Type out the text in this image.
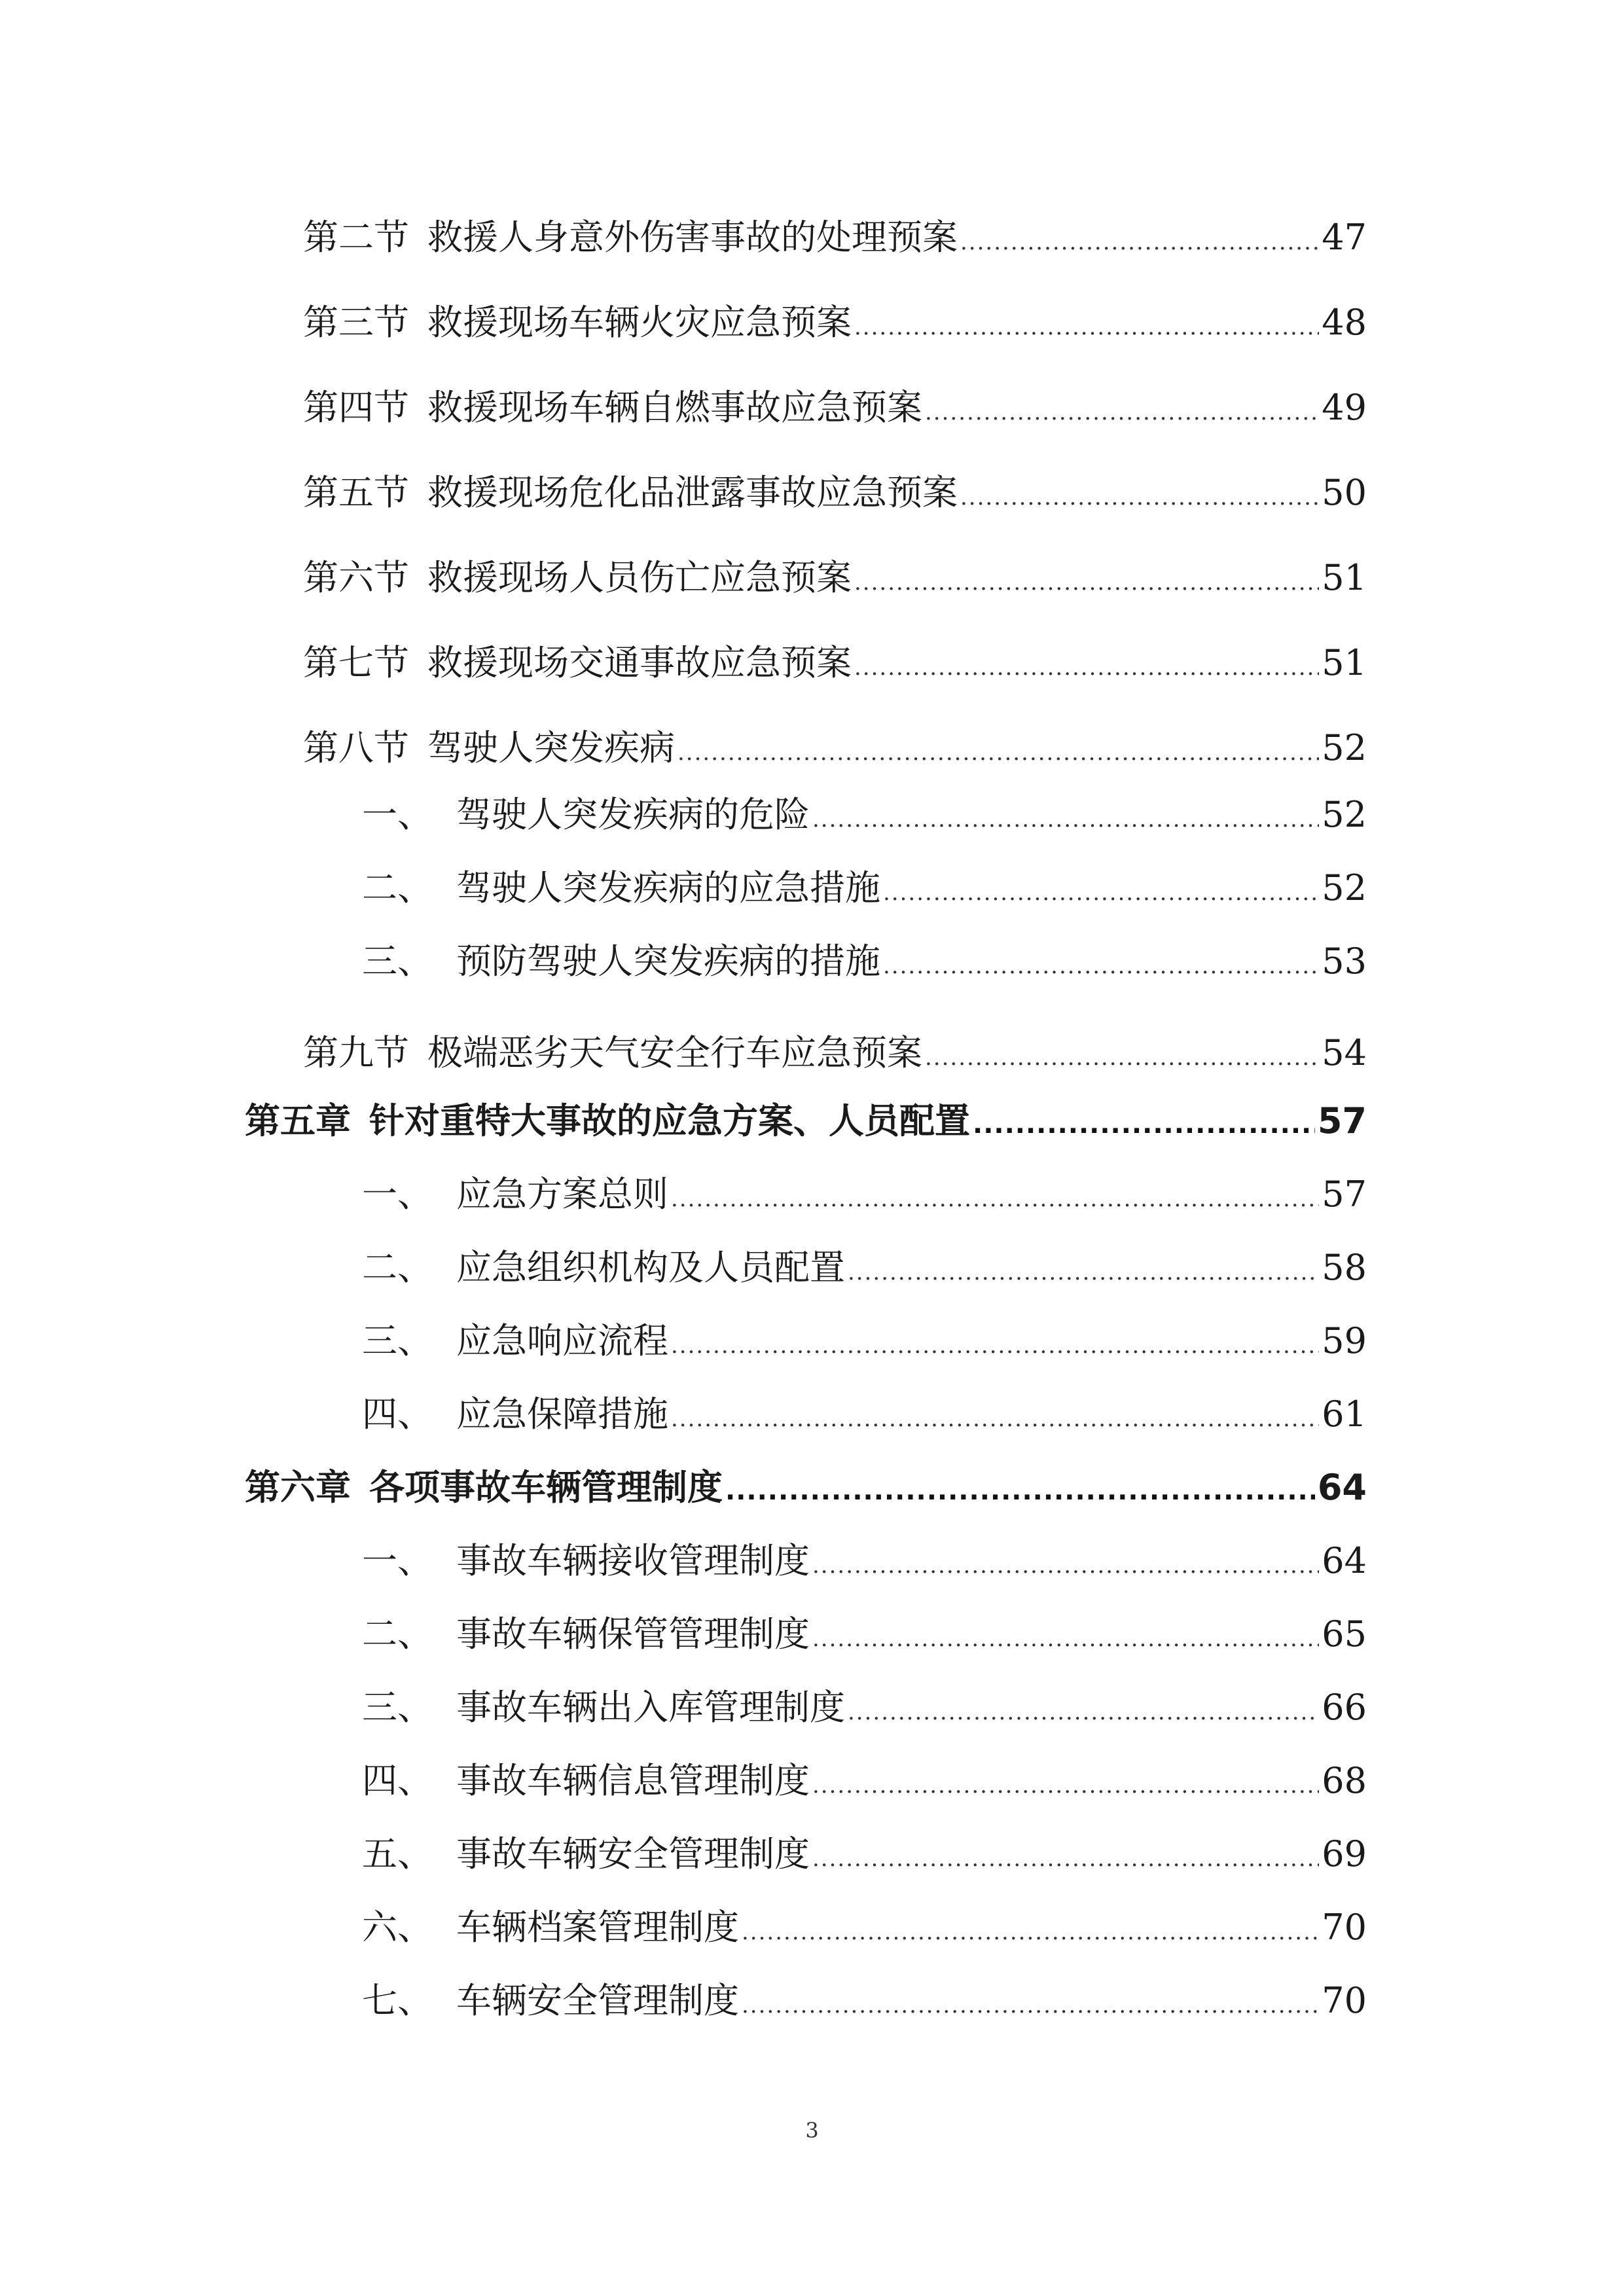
第二节 救援人身意外伤害事故的处理预案 .....	47
第三节 救援现场车辆火灾应急预案 .....	48
第四节 救援现场车辆自燃事故应急预案 .....	49
第五节 救援现场危化品泄露事故应急预案 .....	50
第六节 救援现场人员伤亡应急预案 .....	51
第七节 救援现场交通事故应急预案 .....	51
第八节 驾驶人突发疾病 .....	52
一、 驾驶人突发疾病的危险 .....	52
二、 驾驶人突发疾病的应急措施 .....	52
三、 预防驾驶人突发疾病的措施 .....	53
第九节 极端恶劣天气安全行车应急预案 .....	54
第五章 针对重特大事故的应急方案、人员配置 .....	57
一、 应急方案总则 .....	57
二、 应急组织机构及人员配置 .....	58
三、 应急响应流程 .....	59
四、 应急保障措施 .....	61
第六章 各项事故车辆管理制度 .....	64
一、 事故车辆接收管理制度 .....	64
二、 事故车辆保管管理制度 .....	65
三、 事故车辆出入库管理制度 .....	66
四、 事故车辆信息管理制度 .....	68
五、 事故车辆安全管理制度 .....	69
六、 车辆档案管理制度 .....	70
七、 车辆安全管理制度 .....	70
3
